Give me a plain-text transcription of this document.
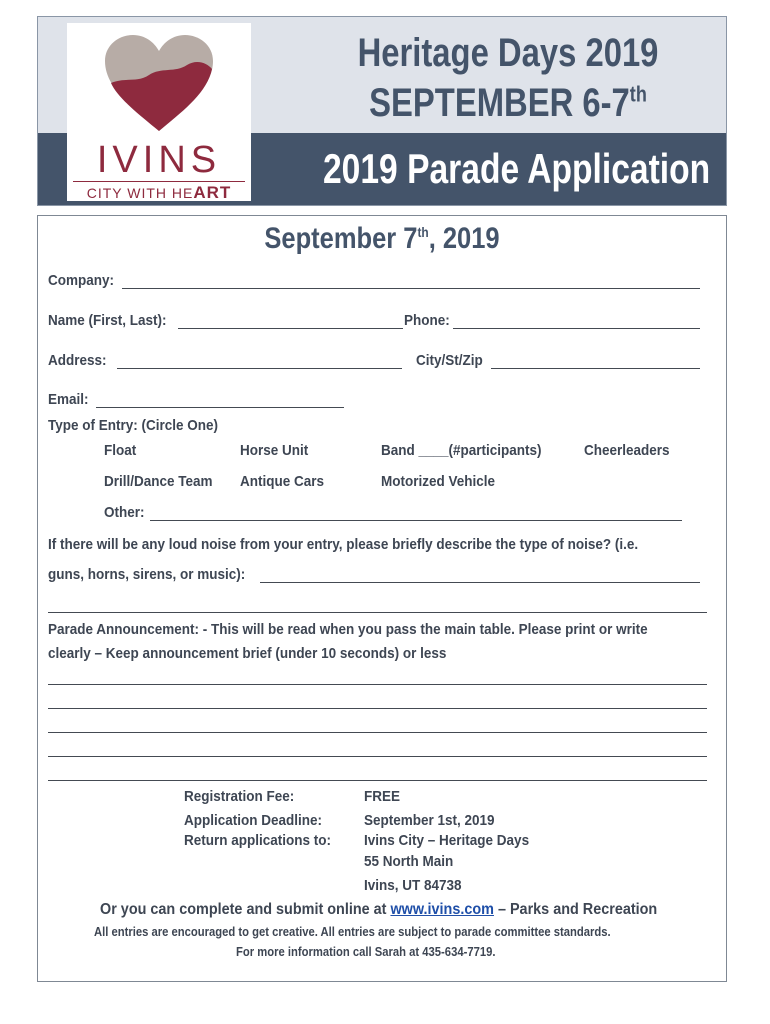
IVINS
CITY WITH HEART
Heritage Days 2019
SEPTEMBER 6-7th
2019 Parade Application
September 7th, 2019
Company:
Name (First, Last):	Phone:
Address:	City/St/Zip
Email:
Type of Entry: (Circle One)
Float	Horse Unit	Band ____(#participants)	Cheerleaders
Drill/Dance Team Antique Cars	Motorized Vehicle
Other:
If there will be any loud noise from your entry, please briefly describe the type of noise? (i.e.
guns, horns, sirens, or music):
Parade Announcement: - This will be read when you pass the main table. Please print or write
clearly – Keep announcement brief (under 10 seconds) or less
Registration Fee:	FREE
Application Deadline:	September 1st, 2019
Return applications to: Ivins City – Heritage Days
55 North Main
Ivins, UT 84738
Or you can complete and submit online at www.ivins.com – Parks and Recreation
All entries are encouraged to get creative. All entries are subject to parade committee standards.
For more information call Sarah at 435-634-7719.
